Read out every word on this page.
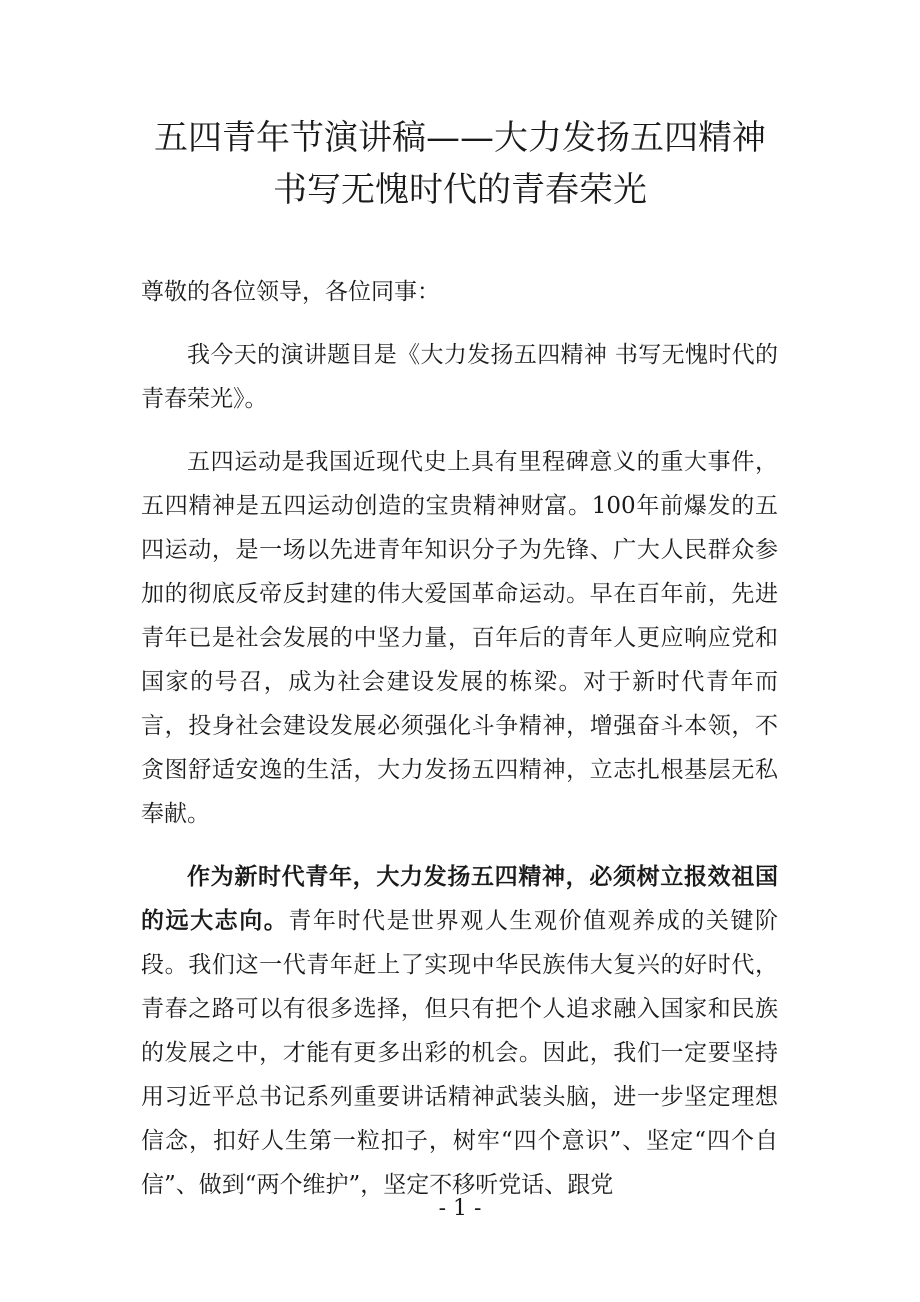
五四青年节演讲稿——大力发扬五四精神
书写无愧时代的青春荣光

尊敬的各位领导，各位同事：

我今天的演讲题目是《大力发扬五四精神 书写无愧时代的青春荣光》。

五四运动是我国近现代史上具有里程碑意义的重大事件，五四精神是五四运动创造的宝贵精神财富。100年前爆发的五四运动，是一场以先进青年知识分子为先锋、广大人民群众参加的彻底反帝反封建的伟大爱国革命运动。早在百年前，先进青年已是社会发展的中坚力量，百年后的青年人更应响应党和国家的号召，成为社会建设发展的栋梁。对于新时代青年而言，投身社会建设发展必须强化斗争精神，增强奋斗本领，不贪图舒适安逸的生活，大力发扬五四精神，立志扎根基层无私奉献。

作为新时代青年，大力发扬五四精神，必须树立报效祖国的远大志向。青年时代是世界观人生观价值观养成的关键阶段。我们这一代青年赶上了实现中华民族伟大复兴的好时代，青春之路可以有很多选择，但只有把个人追求融入国家和民族的发展之中，才能有更多出彩的机会。因此，我们一定要坚持用习近平总书记系列重要讲话精神武装头脑，进一步坚定理想信念，扣好人生第一粒扣子，树牢“四个意识”、坚定“四个自信”、做到“两个维护”，坚定不移听党话、跟党

- 1 -
